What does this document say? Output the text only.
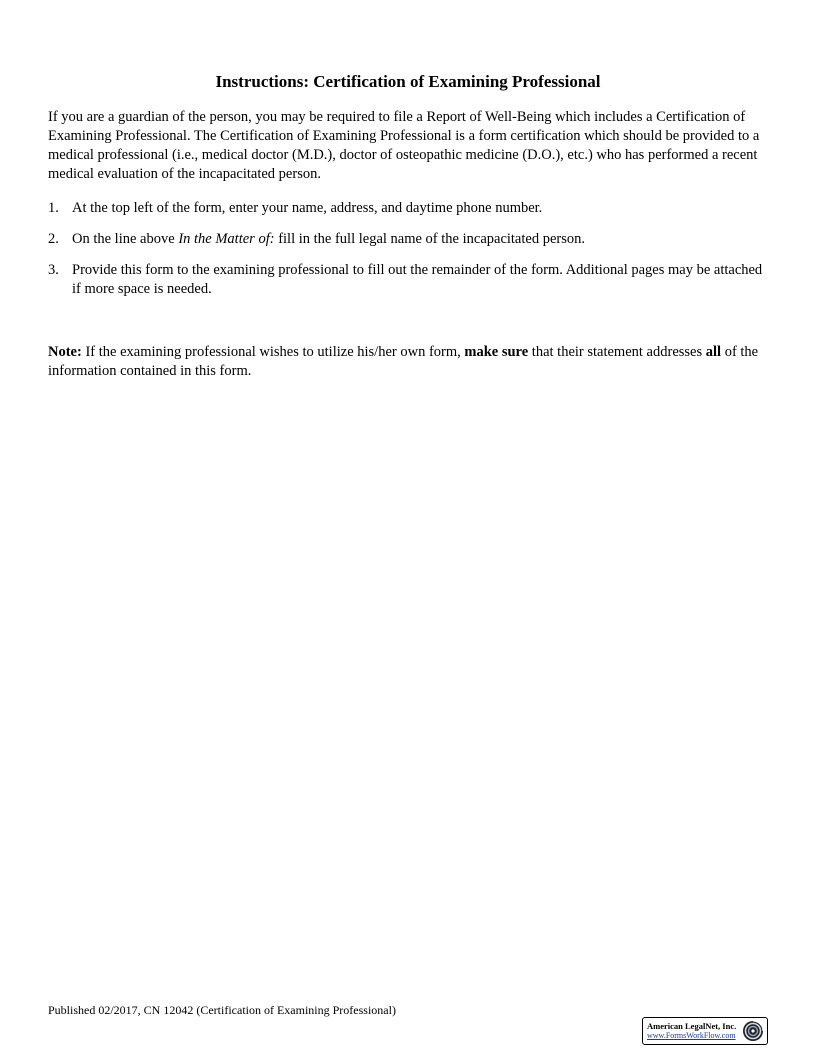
Instructions: Certification of Examining Professional

If you are a guardian of the person, you may be required to file a Report of Well-Being which includes a Certification of Examining Professional. The Certification of Examining Professional is a form certification which should be provided to a medical professional (i.e., medical doctor (M.D.), doctor of osteopathic medicine (D.O.), etc.) who has performed a recent medical evaluation of the incapacitated person.

1. At the top left of the form, enter your name, address, and daytime phone number.
2. On the line above In the Matter of: fill in the full legal name of the incapacitated person.
3. Provide this form to the examining professional to fill out the remainder of the form. Additional pages may be attached if more space is needed.

Note: If the examining professional wishes to utilize his/her own form, make sure that their statement addresses all of the information contained in this form.

Published 02/2017, CN 12042 (Certification of Examining Professional)
American LegalNet, Inc.
www.FormsWorkFlow.com
